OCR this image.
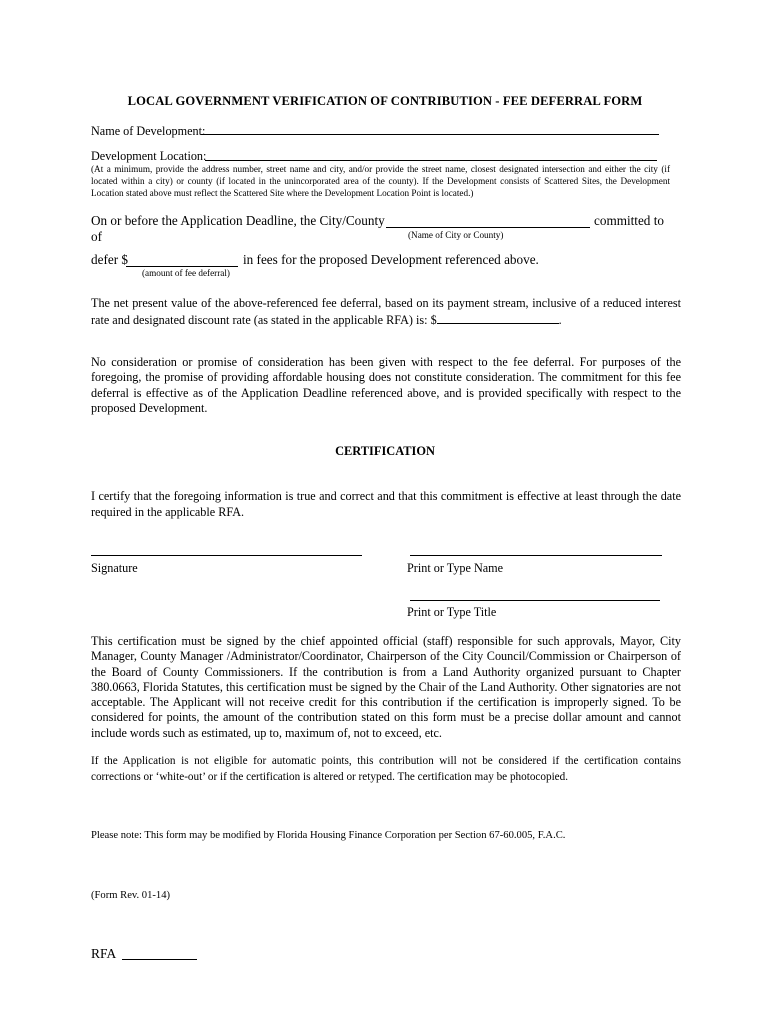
LOCAL GOVERNMENT VERIFICATION OF CONTRIBUTION - FEE DEFERRAL FORM
Name of Development:
Development Location:
(At a minimum, provide the address number, street name and city, and/or provide the street name, closest designated intersection and either the city (if located within a city) or county (if located in the unincorporated area of the county). If the Development consists of Scattered Sites, the Development Location stated above must reflect the Scattered Site where the Development Location Point is located.)
On or before the Application Deadline, the City/County of
committed to
(Name of City or County)
defer $	in fees for the proposed Development referenced above.
(amount of fee deferral)
The net present value of the above-referenced fee deferral, based on its payment stream, inclusive of a reduced interest rate and designated discount rate (as stated in the applicable RFA) is: $	.
No consideration or promise of consideration has been given with respect to the fee deferral. For purposes of the foregoing, the promise of providing affordable housing does not constitute consideration. The commitment for this fee deferral is effective as of the Application Deadline referenced above, and is provided specifically with respect to the proposed Development.
CERTIFICATION
I certify that the foregoing information is true and correct and that this commitment is effective at least through the date required in the applicable RFA.
Signature	Print or Type Name
Print or Type Title
This certification must be signed by the chief appointed official (staff) responsible for such approvals, Mayor, City Manager, County Manager /Administrator/Coordinator, Chairperson of the City Council/Commission or Chairperson of the Board of County Commissioners. If the contribution is from a Land Authority organized pursuant to Chapter 380.0663, Florida Statutes, this certification must be signed by the Chair of the Land Authority. Other signatories are not acceptable. The Applicant will not receive credit for this contribution if the certification is improperly signed. To be considered for points, the amount of the contribution stated on this form must be a precise dollar amount and cannot include words such as estimated, up to, maximum of, not to exceed, etc.
If the Application is not eligible for automatic points, this contribution will not be considered if the certification contains corrections or ‘white-out’ or if the certification is altered or retyped. The certification may be photocopied.
Please note: This form may be modified by Florida Housing Finance Corporation per Section 67-60.005, F.A.C.
(Form Rev. 01-14)
RFA
